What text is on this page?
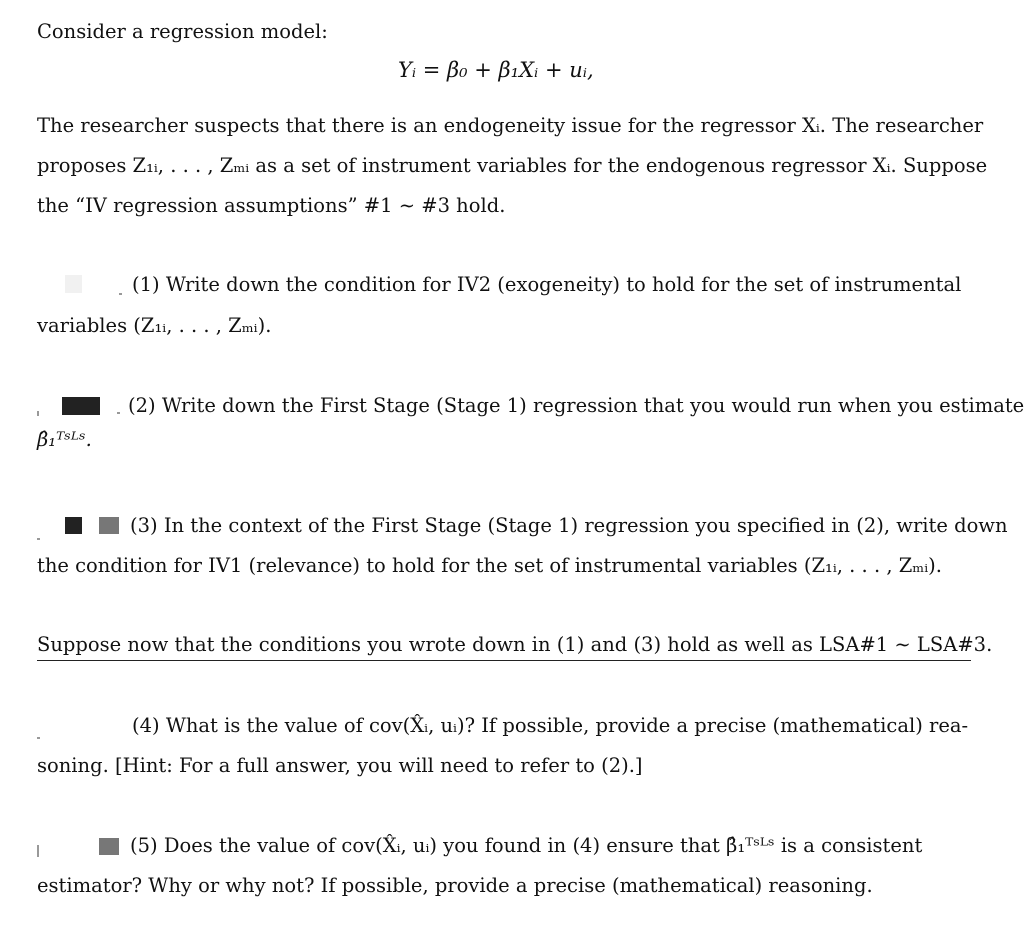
Consider a regression model:
Yᵢ = β₀ + β₁Xᵢ + uᵢ,
The researcher suspects that there is an endogeneity issue for the regressor Xᵢ. The researcher
proposes Z₁ᵢ, . . . , Zₘᵢ as a set of instrument variables for the endogenous regressor Xᵢ. Suppose
the “IV regression assumptions” #1 ∼ #3 hold.
(1) Write down the condition for IV2 (exogeneity) to hold for the set of instrumental
variables (Z₁ᵢ, . . . , Zₘᵢ).
(2) Write down the First Stage (Stage 1) regression that you would run when you estimate
β̂₁ᵀˢᴸˢ.
(3) In the context of the First Stage (Stage 1) regression you specified in (2), write down
the condition for IV1 (relevance) to hold for the set of instrumental variables (Z₁ᵢ, . . . , Zₘᵢ).
Suppose now that the conditions you wrote down in (1) and (3) hold as well as LSA#1 ∼ LSA#3.
(4) What is the value of cov(X̂ᵢ, uᵢ)? If possible, provide a precise (mathematical) rea-
soning. [Hint: For a full answer, you will need to refer to (2).]
(5) Does the value of cov(X̂ᵢ, uᵢ) you found in (4) ensure that β̂₁ᵀˢᴸˢ is a consistent
estimator? Why or why not? If possible, provide a precise (mathematical) reasoning.
